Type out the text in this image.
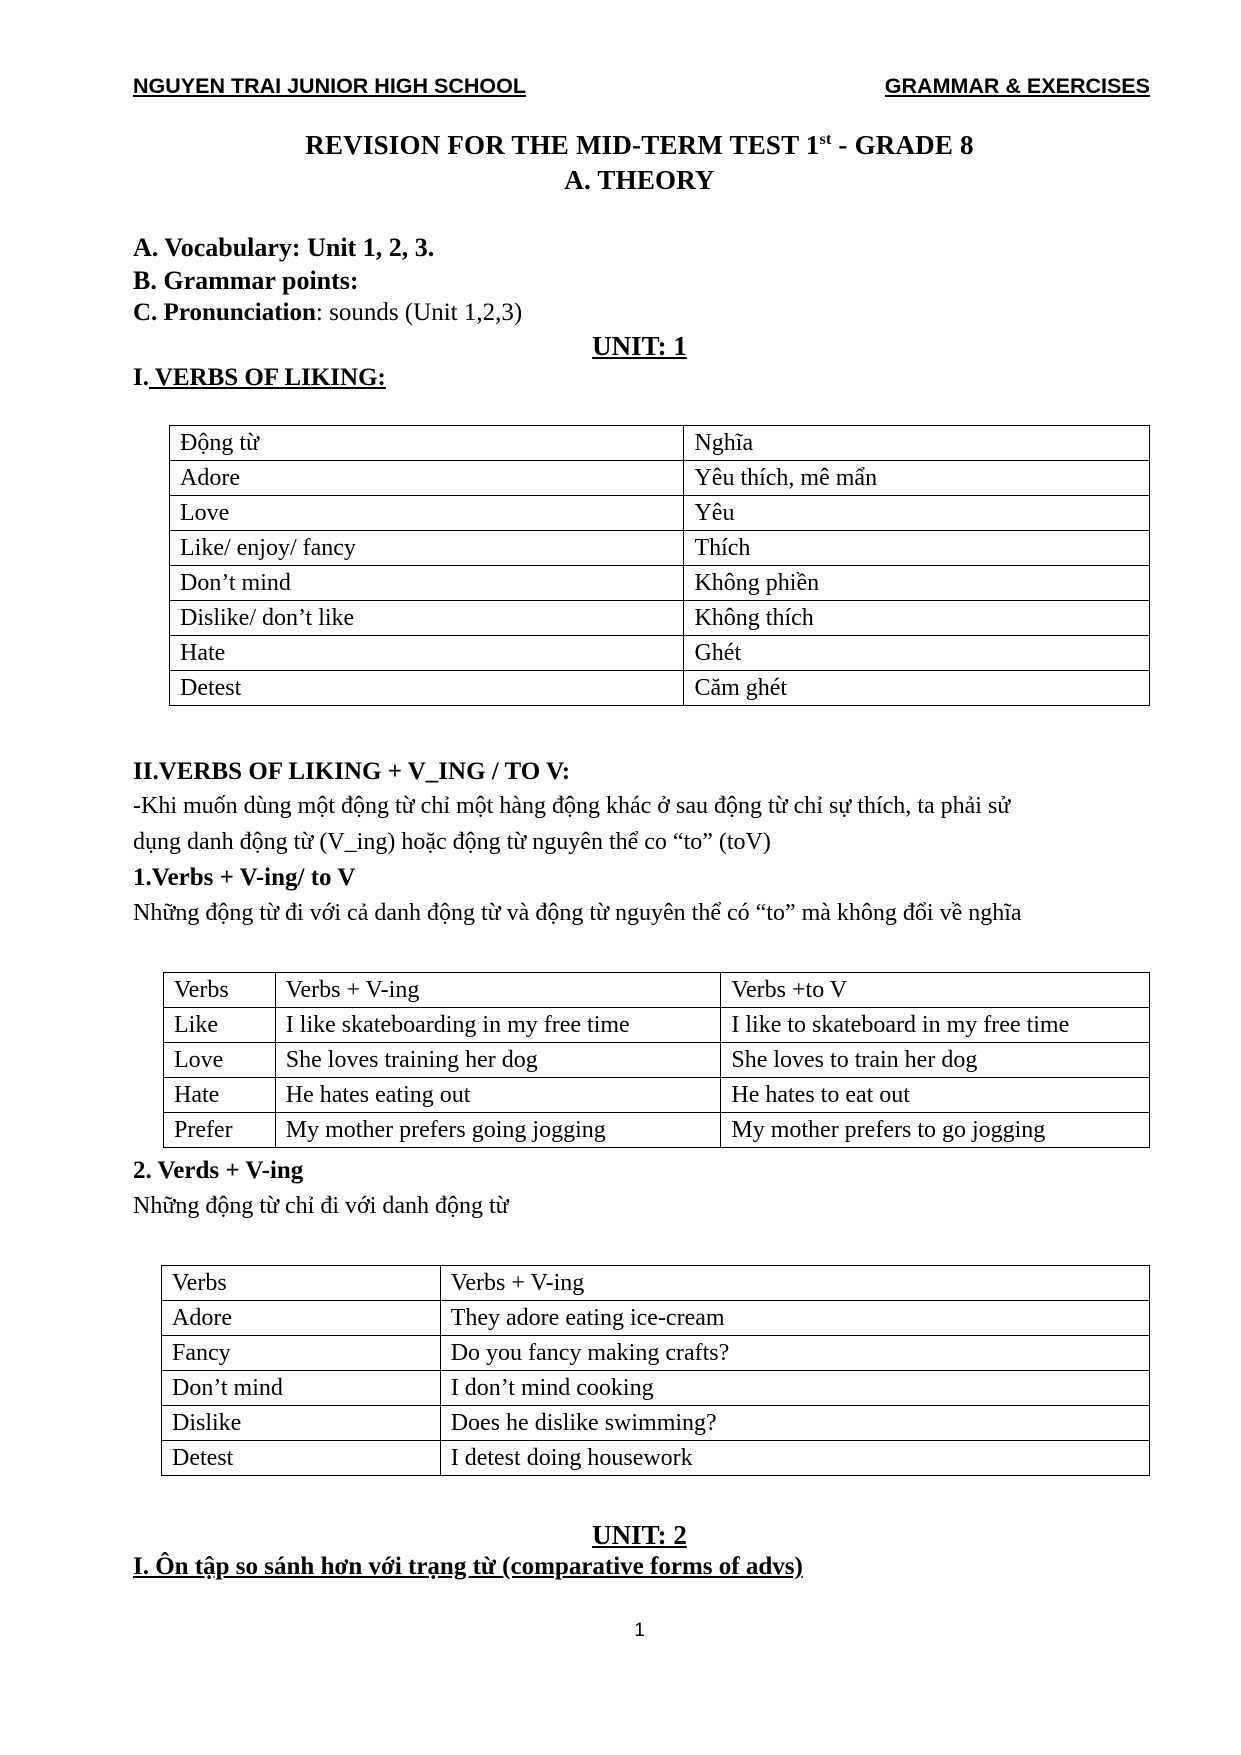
NGUYEN TRAI JUNIOR HIGH SCHOOL	GRAMMAR & EXERCISES
REVISION FOR THE MID-TERM TEST 1st - GRADE 8
A. THEORY
A. Vocabulary: Unit 1, 2, 3.
B. Grammar points:
C. Pronunciation: sounds (Unit 1,2,3)
UNIT: 1
I. VERBS OF LIKING:
Động từ	Nghĩa
Adore	Yêu thích, mê mẩn
Love	Yêu
Like/ enjoy/ fancy	Thích
Don’t mind	Không phiền
Dislike/ don’t like	Không thích
Hate	Ghét
Detest	Căm ghét
II.VERBS OF LIKING + V_ING / TO V:
-Khi muốn dùng một động từ chỉ một hàng động khác ở sau động từ chỉ sự thích, ta phải sử
dụng danh động từ (V_ing) hoặc động từ nguyên thể co “to” (toV)
1.Verbs + V-ing/ to V
Những động từ đi với cả danh động từ và động từ nguyên thể có “to” mà không đổi về nghĩa
Verbs	Verbs + V-ing	Verbs +to V
Like	I like skateboarding in my free time	I like to skateboard in my free time
Love	She loves training her dog	She loves to train her dog
Hate	He hates eating out	He hates to eat out
Prefer	My mother prefers going jogging	My mother prefers to go jogging
2. Verds + V-ing
Những động từ chỉ đi với danh động từ
Verbs	Verbs + V-ing
Adore	They adore eating ice-cream
Fancy	Do you fancy making crafts?
Don’t mind	I don’t mind cooking
Dislike	Does he dislike swimming?
Detest	I detest doing housework
UNIT: 2
I. Ôn tập so sánh hơn với trạng từ (comparative forms of advs)
1
